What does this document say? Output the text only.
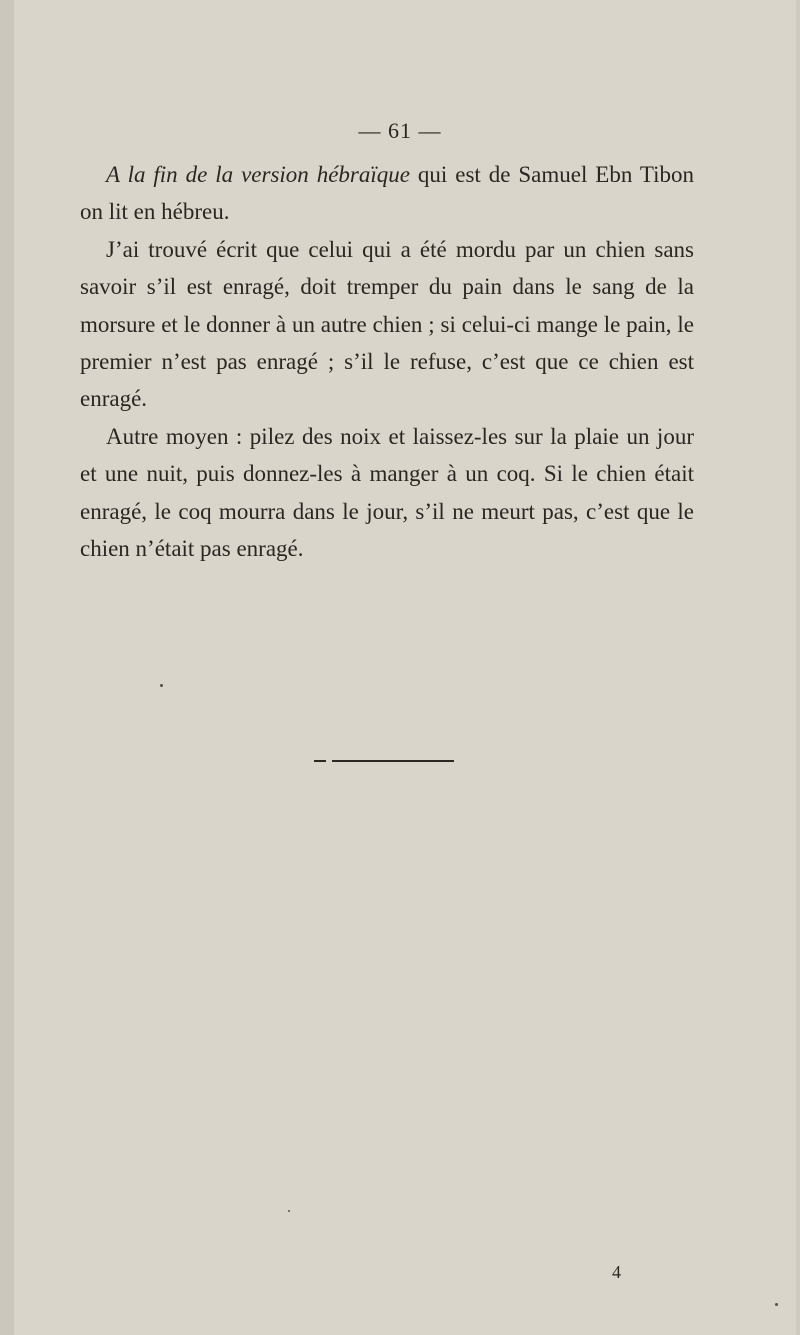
— 61 —

A la fin de la version hébraïque qui est de Samuel Ebn Tibon on lit en hébreu.

J’ai trouvé écrit que celui qui a été mordu par un chien sans savoir s’il est enragé, doit tremper du pain dans le sang de la morsure et le donner à un autre chien ; si celui-ci mange le pain, le premier n’est pas enragé ; s’il le refuse, c’est que ce chien est enragé.

Autre moyen : pilez des noix et laissez-les sur la plaie un jour et une nuit, puis donnez-les à manger à un coq. Si le chien était enragé, le coq mourra dans le jour, s’il ne meurt pas, c’est que le chien n’était pas enragé.

4
